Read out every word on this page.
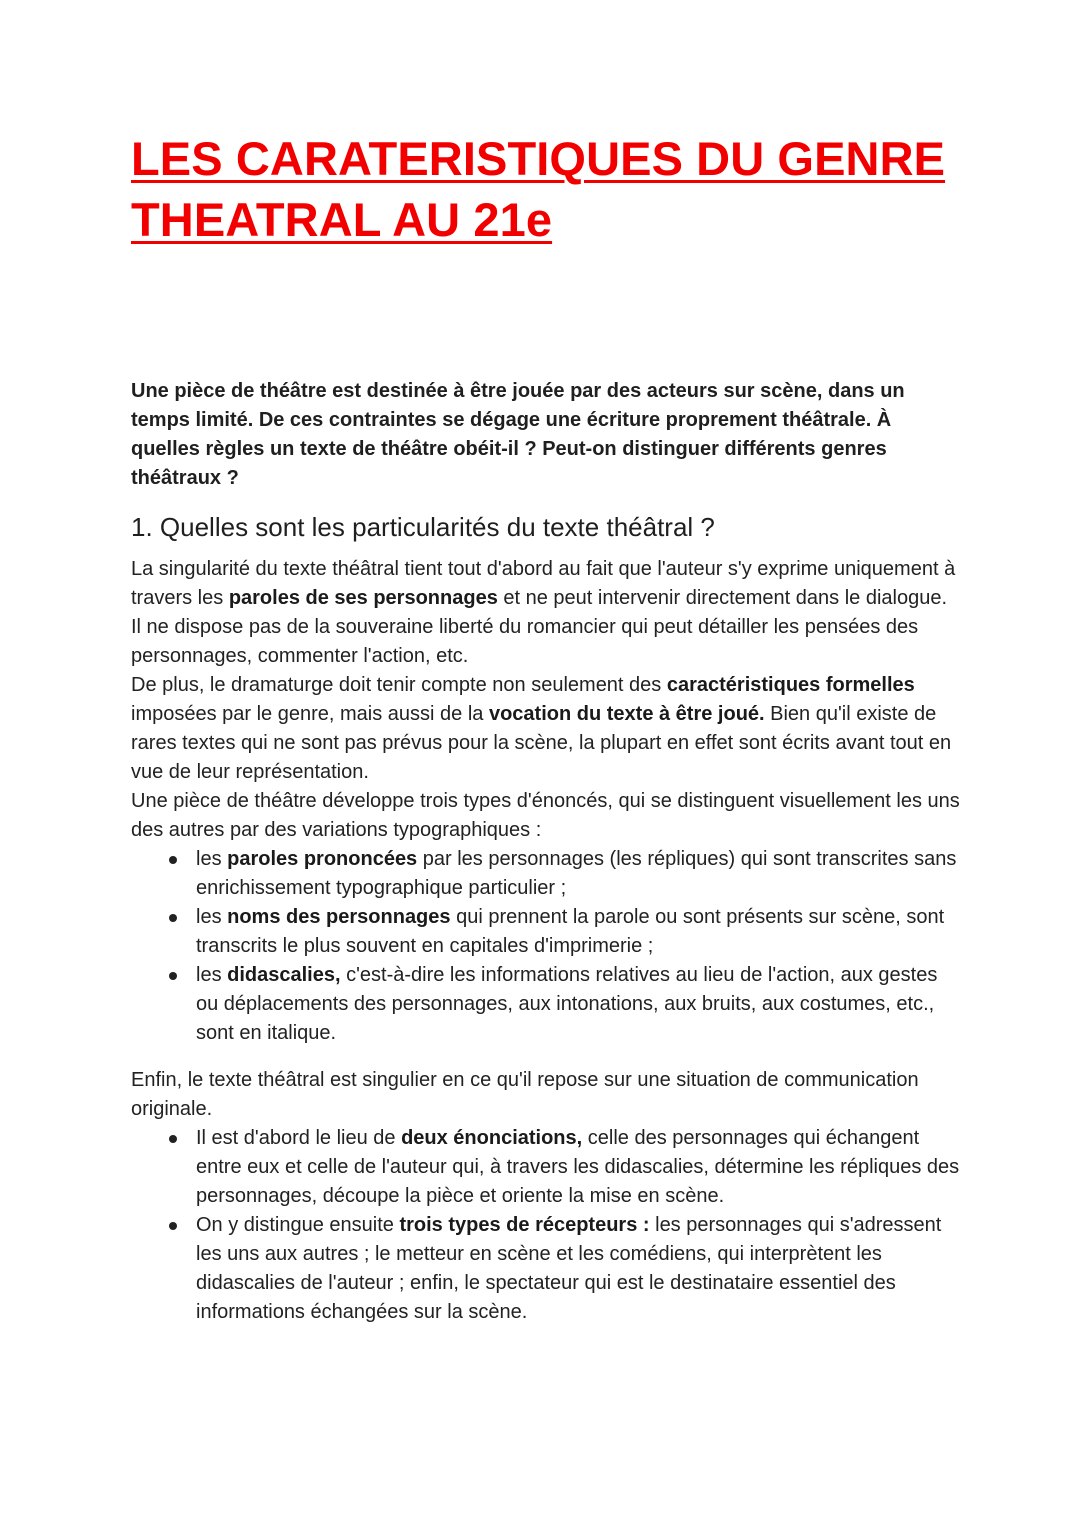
LES CARATERISTIQUES DU GENRE
THEATRAL AU 21e

Une pièce de théâtre est destinée à être jouée par des acteurs sur scène, dans un temps limité. De ces contraintes se dégage une écriture proprement théâtrale. À quelles règles un texte de théâtre obéit-il ? Peut-on distinguer différents genres théâtraux ?

1. Quelles sont les particularités du texte théâtral ?

La singularité du texte théâtral tient tout d'abord au fait que l'auteur s'y exprime uniquement à travers les paroles de ses personnages et ne peut intervenir directement dans le dialogue. Il ne dispose pas de la souveraine liberté du romancier qui peut détailler les pensées des personnages, commenter l'action, etc.

De plus, le dramaturge doit tenir compte non seulement des caractéristiques formelles imposées par le genre, mais aussi de la vocation du texte à être joué. Bien qu'il existe de rares textes qui ne sont pas prévus pour la scène, la plupart en effet sont écrits avant tout en vue de leur représentation.

Une pièce de théâtre développe trois types d'énoncés, qui se distinguent visuellement les uns des autres par des variations typographiques :

les paroles prononcées par les personnages (les répliques) qui sont transcrites sans enrichissement typographique particulier ;
les noms des personnages qui prennent la parole ou sont présents sur scène, sont transcrits le plus souvent en capitales d'imprimerie ;
les didascalies, c'est-à-dire les informations relatives au lieu de l'action, aux gestes ou déplacements des personnages, aux intonations, aux bruits, aux costumes, etc., sont en italique.

Enfin, le texte théâtral est singulier en ce qu'il repose sur une situation de communication originale.

Il est d'abord le lieu de deux énonciations, celle des personnages qui échangent entre eux et celle de l'auteur qui, à travers les didascalies, détermine les répliques des personnages, découpe la pièce et oriente la mise en scène.
On y distingue ensuite trois types de récepteurs : les personnages qui s'adressent les uns aux autres ; le metteur en scène et les comédiens, qui interprètent les didascalies de l'auteur ; enfin, le spectateur qui est le destinataire essentiel des informations échangées sur la scène.
